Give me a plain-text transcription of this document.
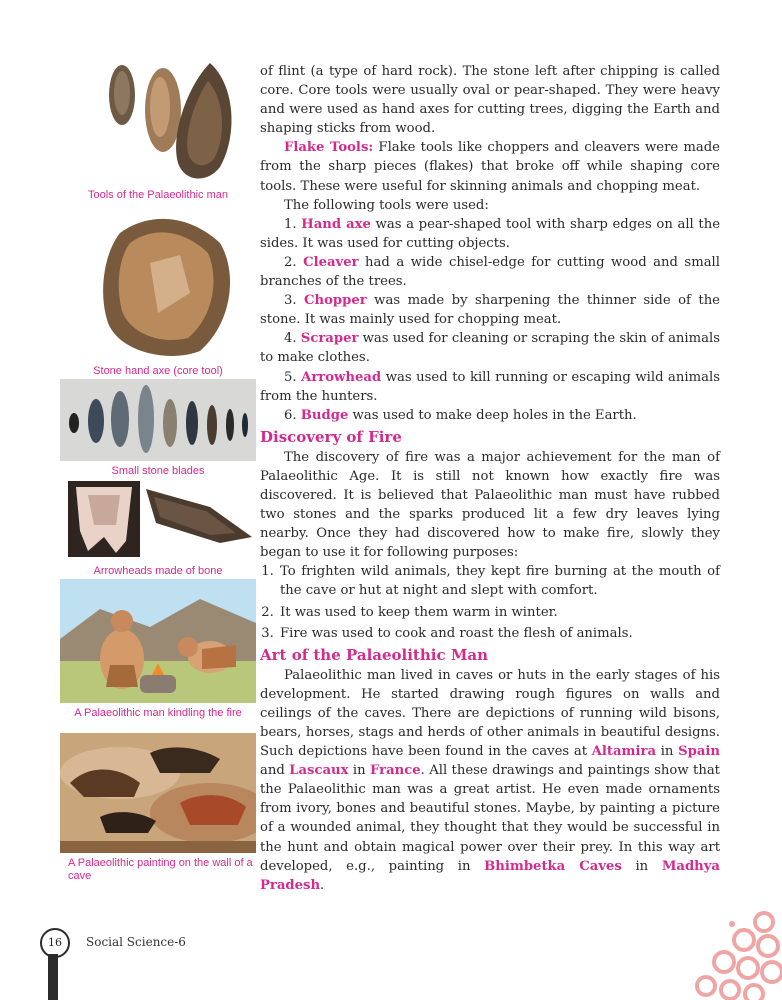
Tools of the Palaeolithic man
Stone hand axe (core tool)
Small stone blades
Arrowheads made of bone
A Palaeolithic man kindling the fire
A Palaeolithic painting on the wall of a cave

of flint (a type of hard rock). The stone left after chipping is called core. Core tools were usually oval or pear-shaped. They were heavy and were used as hand axes for cutting trees, digging the Earth and shaping sticks from wood.

Flake Tools: Flake tools like choppers and cleavers were made from the sharp pieces (flakes) that broke off while shaping core tools. These were useful for skinning animals and chopping meat.

The following tools were used:

1. Hand axe was a pear-shaped tool with sharp edges on all the sides. It was used for cutting objects.
2. Cleaver had a wide chisel-edge for cutting wood and small branches of the trees.
3. Chopper was made by sharpening the thinner side of the stone. It was mainly used for chopping meat.
4. Scraper was used for cleaning or scraping the skin of animals to make clothes.
5. Arrowhead was used to kill running or escaping wild animals from the hunters.
6. Budge was used to make deep holes in the Earth.
Discovery of Fire

The discovery of fire was a major achievement for the man of Palaeolithic Age. It is still not known how exactly fire was discovered. It is believed that Palaeolithic man must have rubbed two stones and the sparks produced lit a few dry leaves lying nearby. Once they had discovered how to make fire, slowly they began to use it for following purposes:

1. To frighten wild animals, they kept fire burning at the mouth of the cave or hut at night and slept with comfort.
2. It was used to keep them warm in winter.
3. Fire was used to cook and roast the flesh of animals.
Art of the Palaeolithic Man

Palaeolithic man lived in caves or huts in the early stages of his development. He started drawing rough figures on walls and ceilings of the caves. There are depictions of running wild bisons, bears, horses, stags and herds of other animals in beautiful designs. Such depictions have been found in the caves at Altamira in Spain and Lascaux in France. All these drawings and paintings show that the Palaeolithic man was a great artist. He even made ornaments from ivory, bones and beautiful stones. Maybe, by painting a picture of a wounded animal, they thought that they would be successful in the hunt and obtain magical power over their prey. In this way art developed, e.g., painting in Bhimbetka Caves in Madhya Pradesh.

16	Social Science-6
